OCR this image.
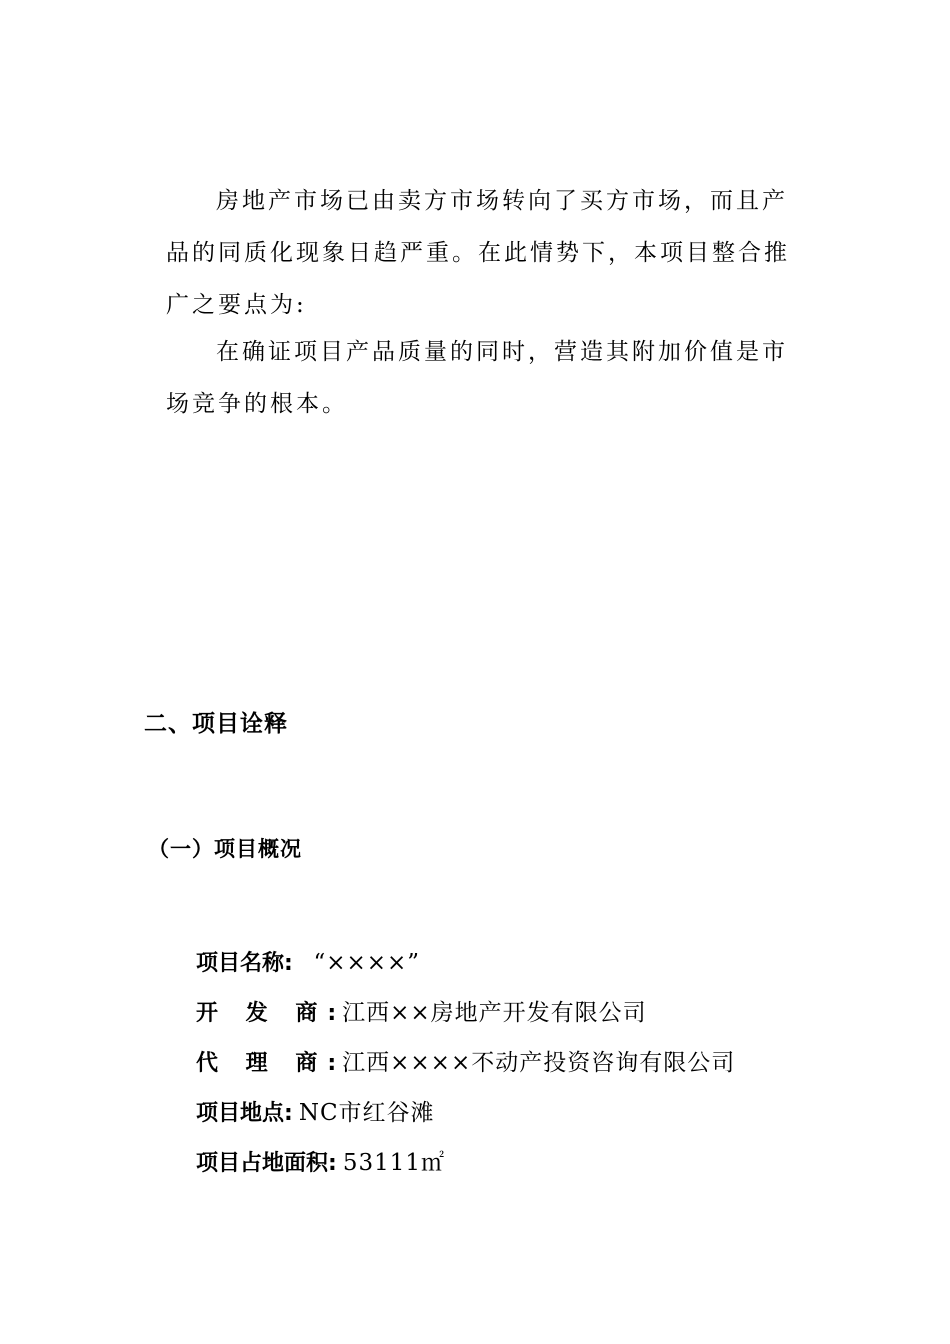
房地产市场已由卖方市场转向了买方市场，而且产品的同质化现象日趋严重。在此情势下，本项目整合推广之要点为:

在确证项目产品质量的同时，营造其附加价值是市场竞争的根本。

二、项目诠释
（一）项目概况
项目名称: “××××”
开 发 商: 江西××房地产开发有限公司
代 理 商: 江西××××不动产投资咨询有限公司
项目地点: NC市红谷滩
项目占地面积: 53111㎡
